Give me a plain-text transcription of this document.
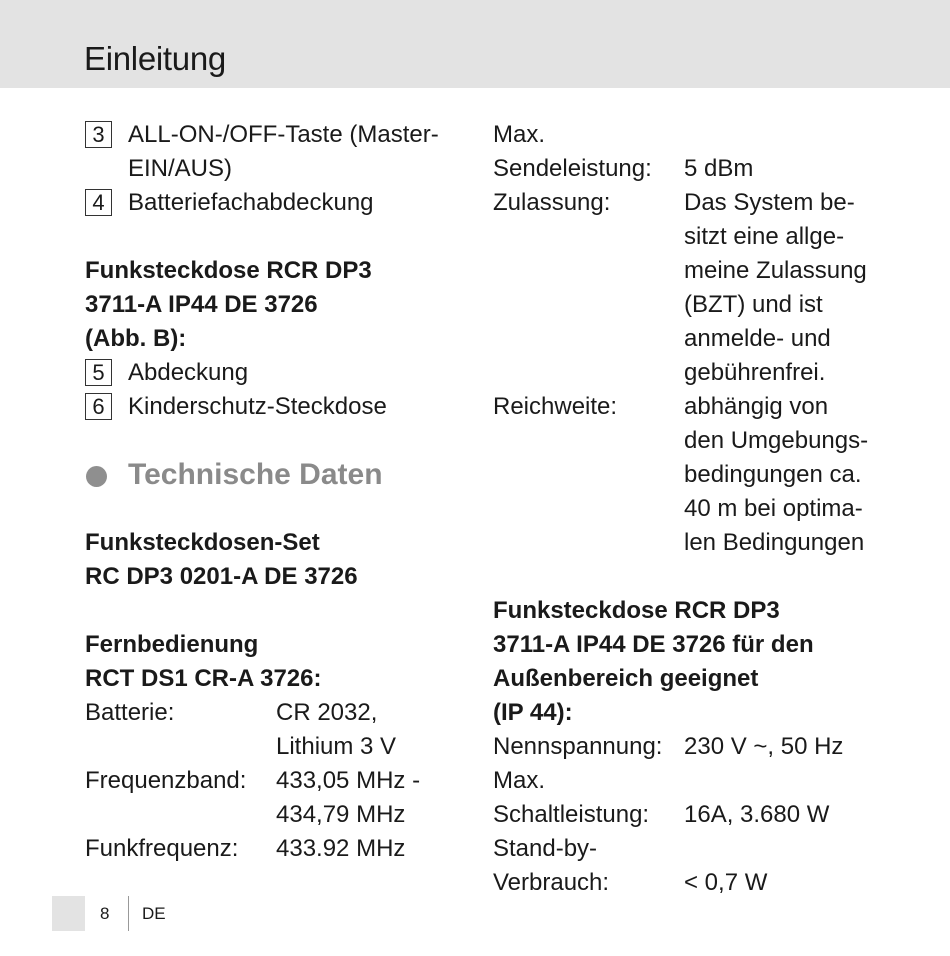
Einleitung
3 ALL-ON-/OFF-Taste (Master-
EIN/AUS)
4 Batteriefachabdeckung
Funksteckdose RCR DP3
3711-A IP44 DE 3726
(Abb. B):
5 Abdeckung
6 Kinderschutz-Steckdose
Technische Daten
Funksteckdosen-Set
RC DP3 0201-A DE 3726
Fernbedienung
RCT DS1 CR-A 3726:
Batterie:	CR 2032,
Lithium 3 V
Frequenzband:	433,05 MHz -
434,79 MHz
Funkfrequenz:	433.92 MHz
Max.
Sendeleistung:	5 dBm
Zulassung:	Das System be-
sitzt eine allge-
meine Zulassung
(BZT) und ist
anmelde- und
gebührenfrei.
Reichweite:	abhängig von
den Umgebungs-
bedingungen ca.
40 m bei optima-
len Bedingungen
Funksteckdose RCR DP3
3711-A IP44 DE 3726 für den
Außenbereich geeignet
(IP 44):
Nennspannung: 230 V ~, 50 Hz
Max.
Schaltleistung:	16A, 3.680 W
Stand-by-
Verbrauch:	< 0,7 W
8 DE
